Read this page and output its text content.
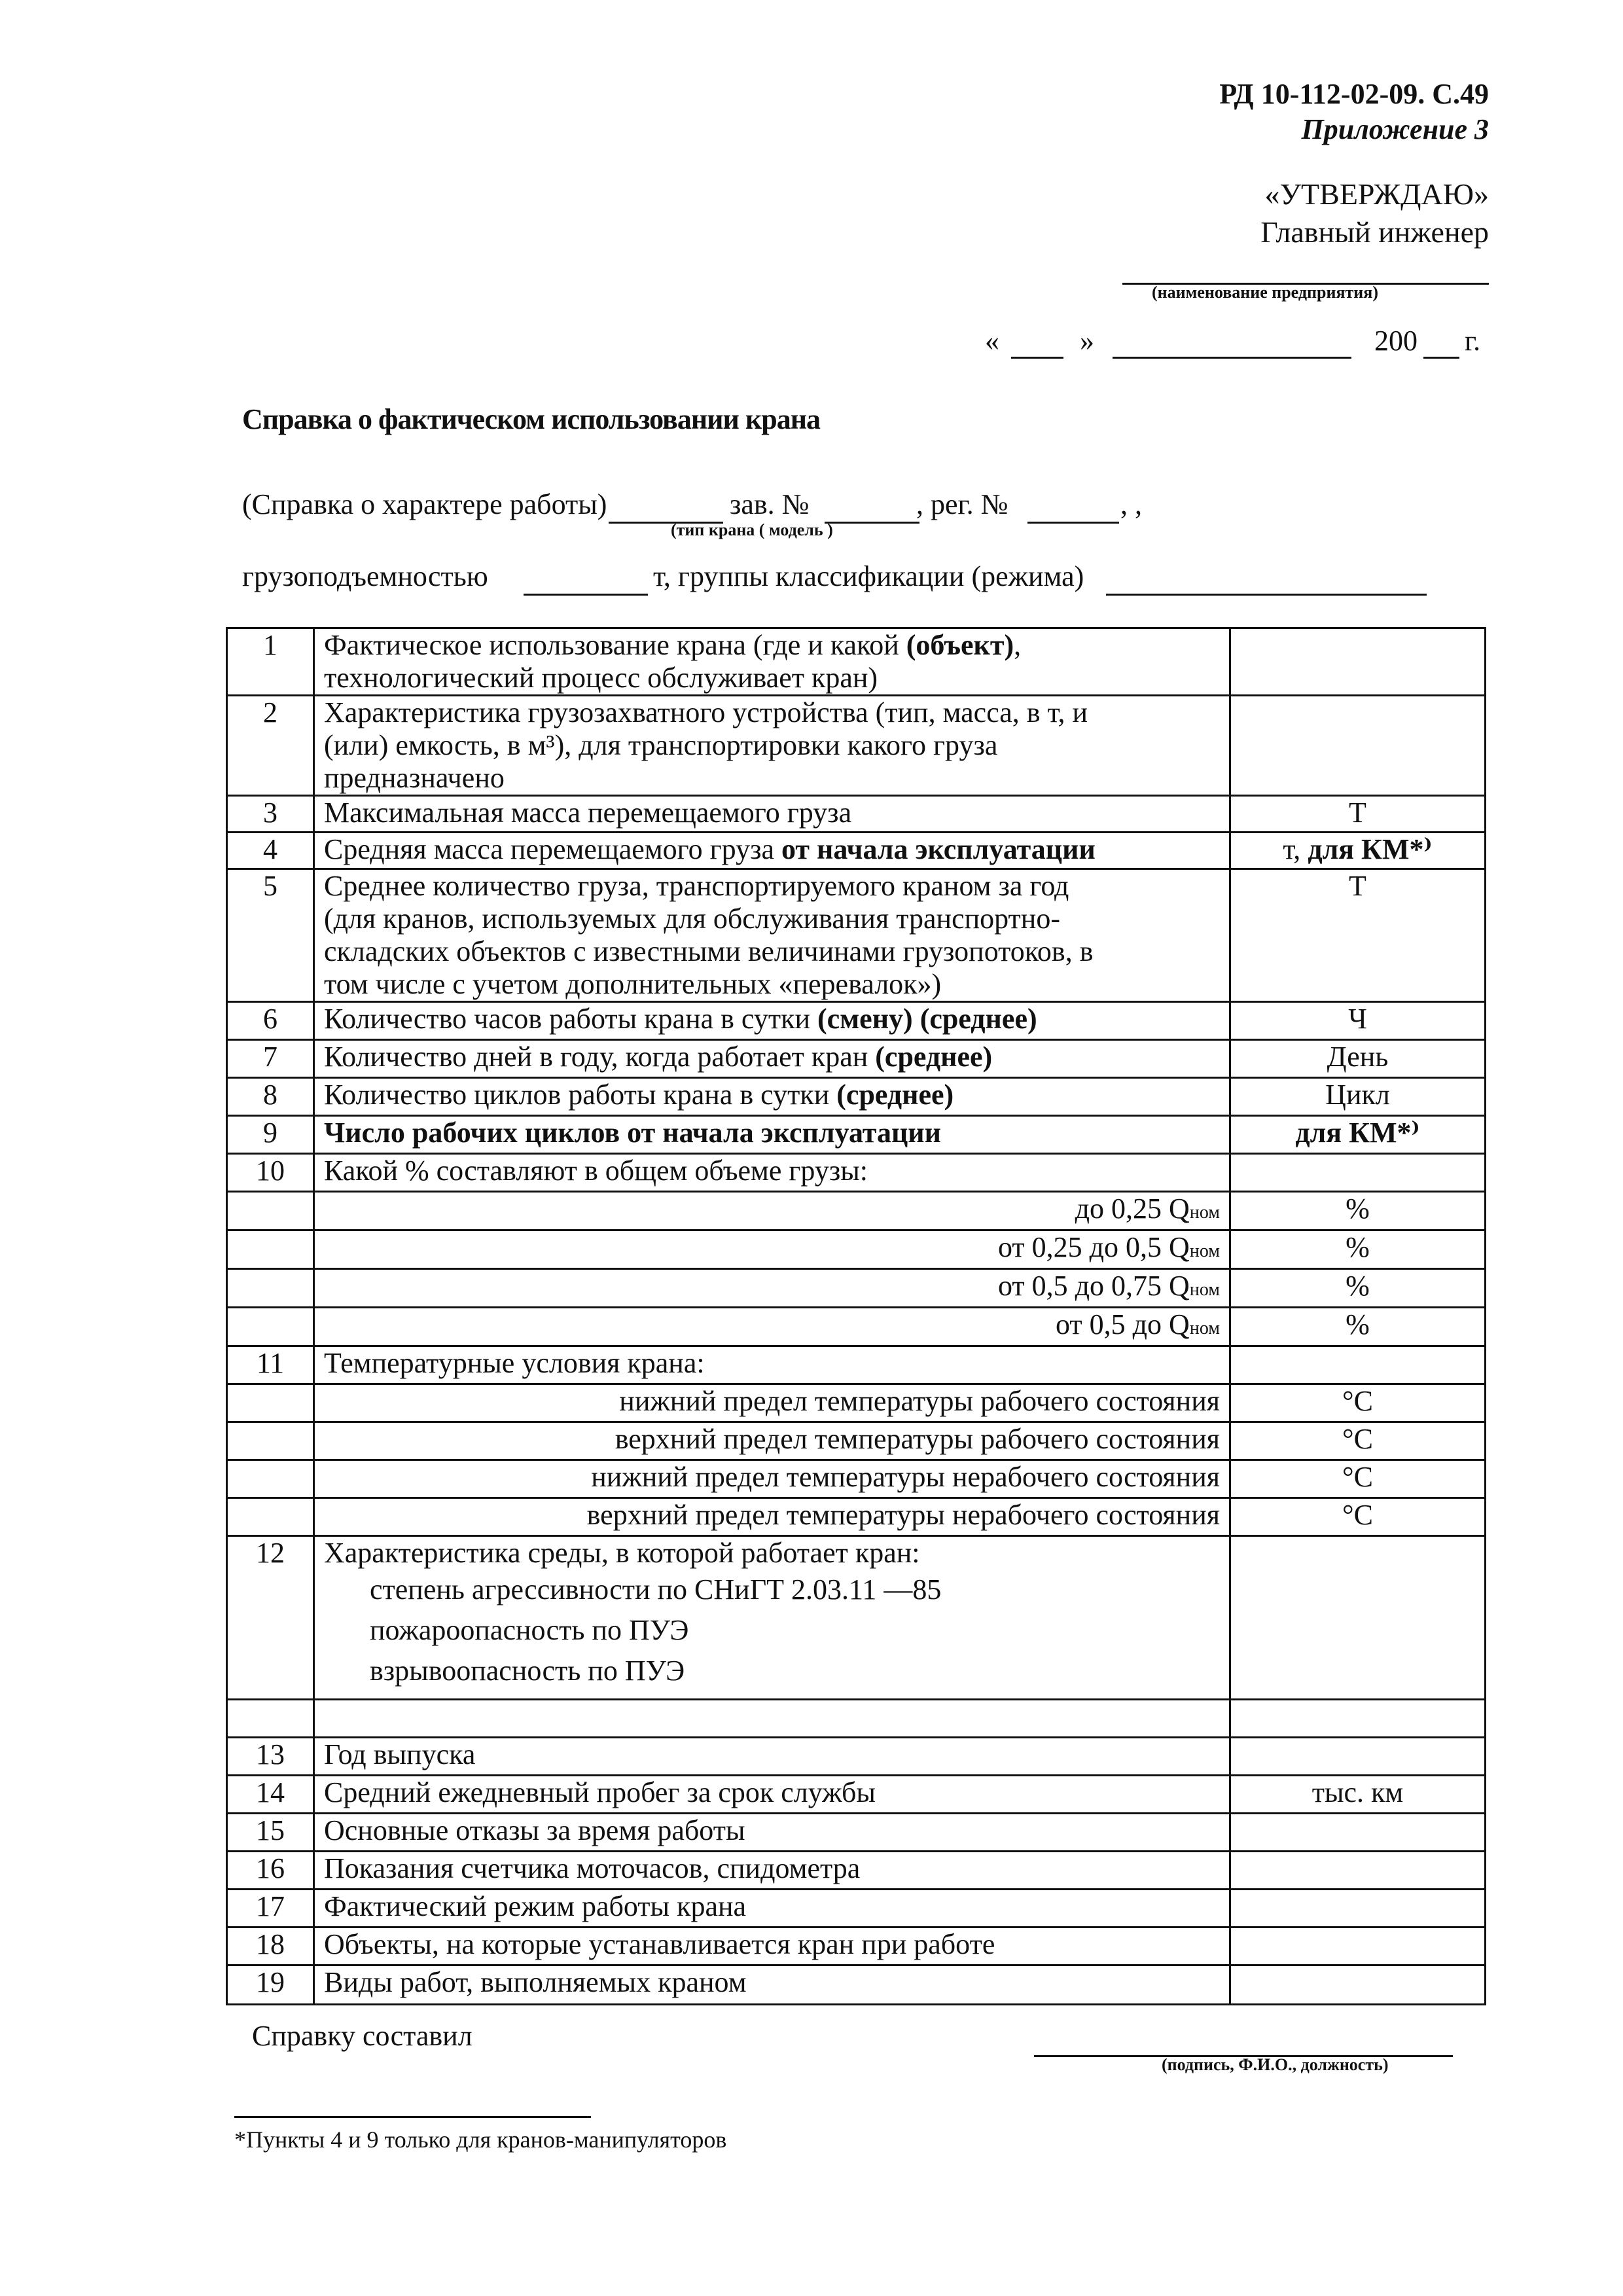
РД 10-112-02-09. С.49
Приложение 3
«УТВЕРЖДАЮ»
Главный инженер
(наименование предприятия)
«	»	200 г.
Справка о фактическом использовании крана
(Справка о характере работы)	зав. №	, рег. №	, ,
(тип крана ( модель )
грузоподъемностью	т, группы классификации (режима)
1	Фактическое использование крана (где и какой (объект),
технологический процесс обслуживает кран)	
2	Характеристика грузозахватного устройства (тип, масса, в т, и
(или) емкость, в м³), для транспортировки какого груза
предназначено	
3	Максимальная масса перемещаемого груза	Т
4	Средняя масса перемещаемого груза от начала эксплуатации	т, для КМ*⁾
5	Среднее количество груза, транспортируемого краном за год
(для кранов, используемых для обслуживания транспортно-
складских объектов с известными величинами грузопотоков, в
том числе с учетом дополнительных «перевалок»)	Т
6	Количество часов работы крана в сутки (смену) (среднее)	Ч
7	Количество дней в году, когда работает кран (среднее)	День
8	Количество циклов работы крана в сутки (среднее)	Цикл
9	Число рабочих циклов от начала эксплуатации	для КМ*⁾
10	Какой % составляют в общем объеме грузы:	
	до 0,25 Qном	%
	от 0,25 до 0,5 Qном	%
	от 0,5 до 0,75 Qном	%
	от 0,5 до Qном	%
11	Температурные условия крана:	
	нижний предел температуры рабочего состояния	°С
	верхний предел температуры рабочего состояния	°С
	нижний предел температуры нерабочего состояния	°С
	верхний предел температуры нерабочего состояния	°С
12	Характеристика среды, в которой работает кран:
степень агрессивности по СНиГТ 2.03.11 —85
пожароопасность по ПУЭ
взрывоопасность по ПУЭ	

13	Год выпуска	
14	Средний ежедневный пробег за срок службы	тыс. км
15	Основные отказы за время работы	
16	Показания счетчика моточасов, спидометра	
17	Фактический режим работы крана	
18	Объекты, на которые устанавливается кран при работе	
19	Виды работ, выполняемых краном	
Справку составил
(подпись, Ф.И.О., должность)
*Пункты 4 и 9 только для кранов-манипуляторов
